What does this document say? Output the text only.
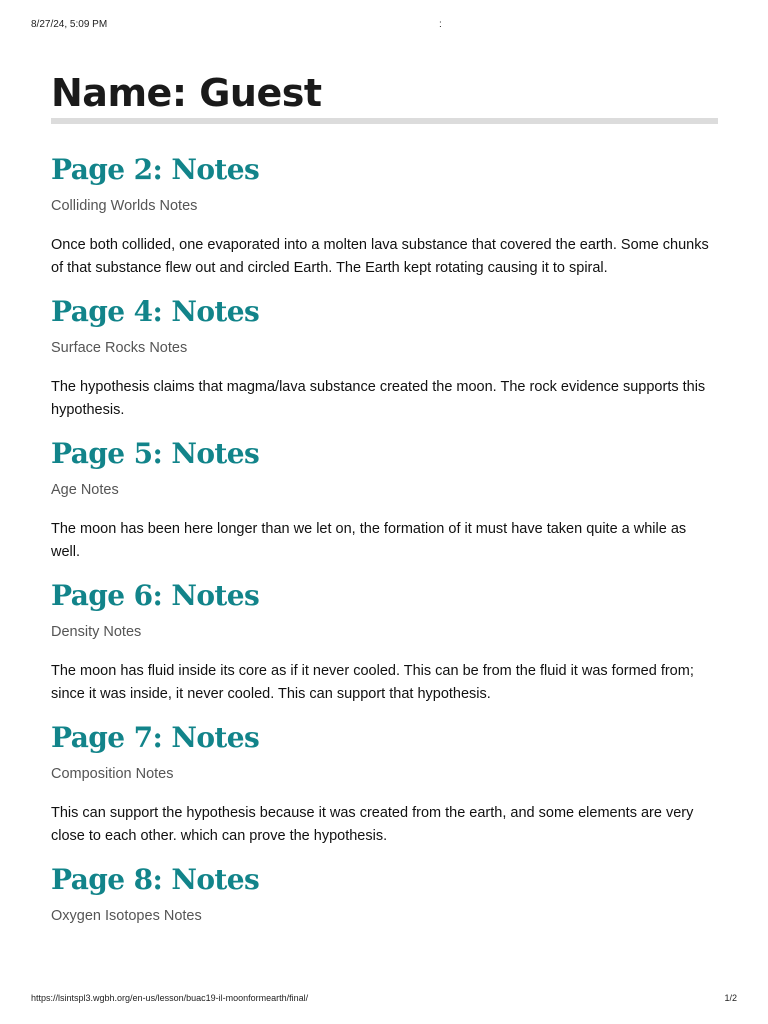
8/27/24, 5:09 PM	:
Name: Guest
Page 2: Notes

Colliding Worlds Notes

Once both collided, one evaporated into a molten lava substance that covered the earth. Some chunks of that substance flew out and circled Earth. The Earth kept rotating causing it to spiral.

Page 4: Notes

Surface Rocks Notes

The hypothesis claims that magma/lava substance created the moon. The rock evidence supports this hypothesis.

Page 5: Notes

Age Notes

The moon has been here longer than we let on, the formation of it must have taken quite a while as well.

Page 6: Notes

Density Notes

The moon has fluid inside its core as if it never cooled. This can be from the fluid it was formed from; since it was inside, it never cooled. This can support that hypothesis.

Page 7: Notes

Composition Notes

This can support the hypothesis because it was created from the earth, and some elements are very close to each other. which can prove the hypothesis.

Page 8: Notes

Oxygen Isotopes Notes

https://lsintspl3.wgbh.org/en-us/lesson/buac19-il-moonformearth/final/	1/2
